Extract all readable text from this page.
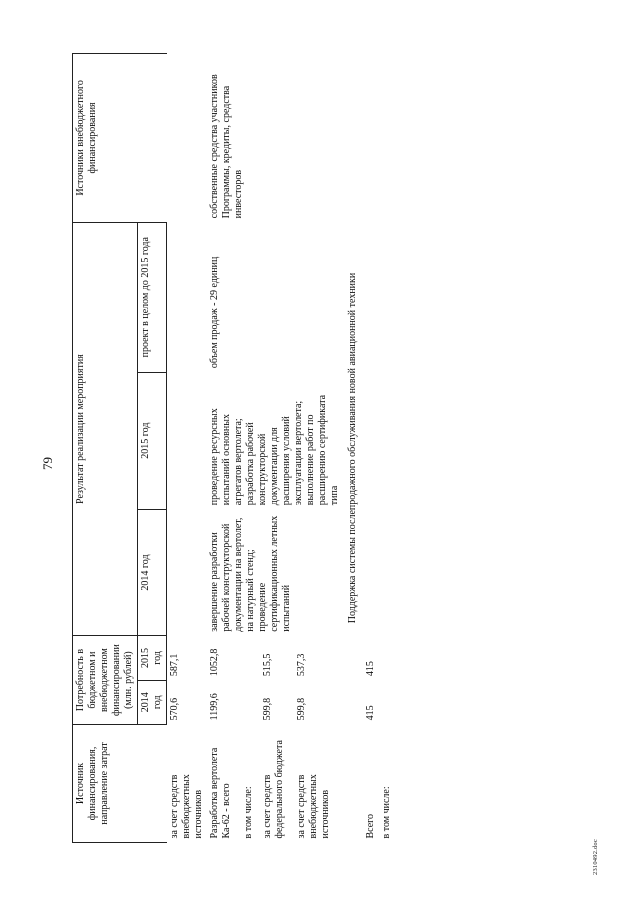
79
Источник финансирования, направление затрат	Потребность в бюджетном и внебюджетном финансировании (млн. рублей)		Результат реализации мероприятия			Источники внебюджетного финансирования
	2014 год	2015 год	2014 год	2015 год	проект в целом до 2015 года	
за счет средств внебюджетных источников	570,6	587,1				
Разработка вертолета Ка-62 - всего	1199,6	1052,8	завершение разработки рабочей конструкторской документации на вертолет, на натурный стенд; проведение сертификационных летных испытаний	проведение ресурсных испытаний основных агрегатов вертолета; разработка рабочей конструкторской документации для расширения условий эксплуатации вертолета; выполнение работ по расширению сертификата типа	объем продаж - 29 единиц	собственные средства участников Программы, кредиты, средства инвесторов
в том числе:						
за счет средств федерального бюджета	599,8	515,5				
за счет средств внебюджетных источников	599,8	537,3				
Поддержка системы послепродажного обслуживания новой авиационной техники						
Всего	415	415				
в том числе:						
2310492.doc
